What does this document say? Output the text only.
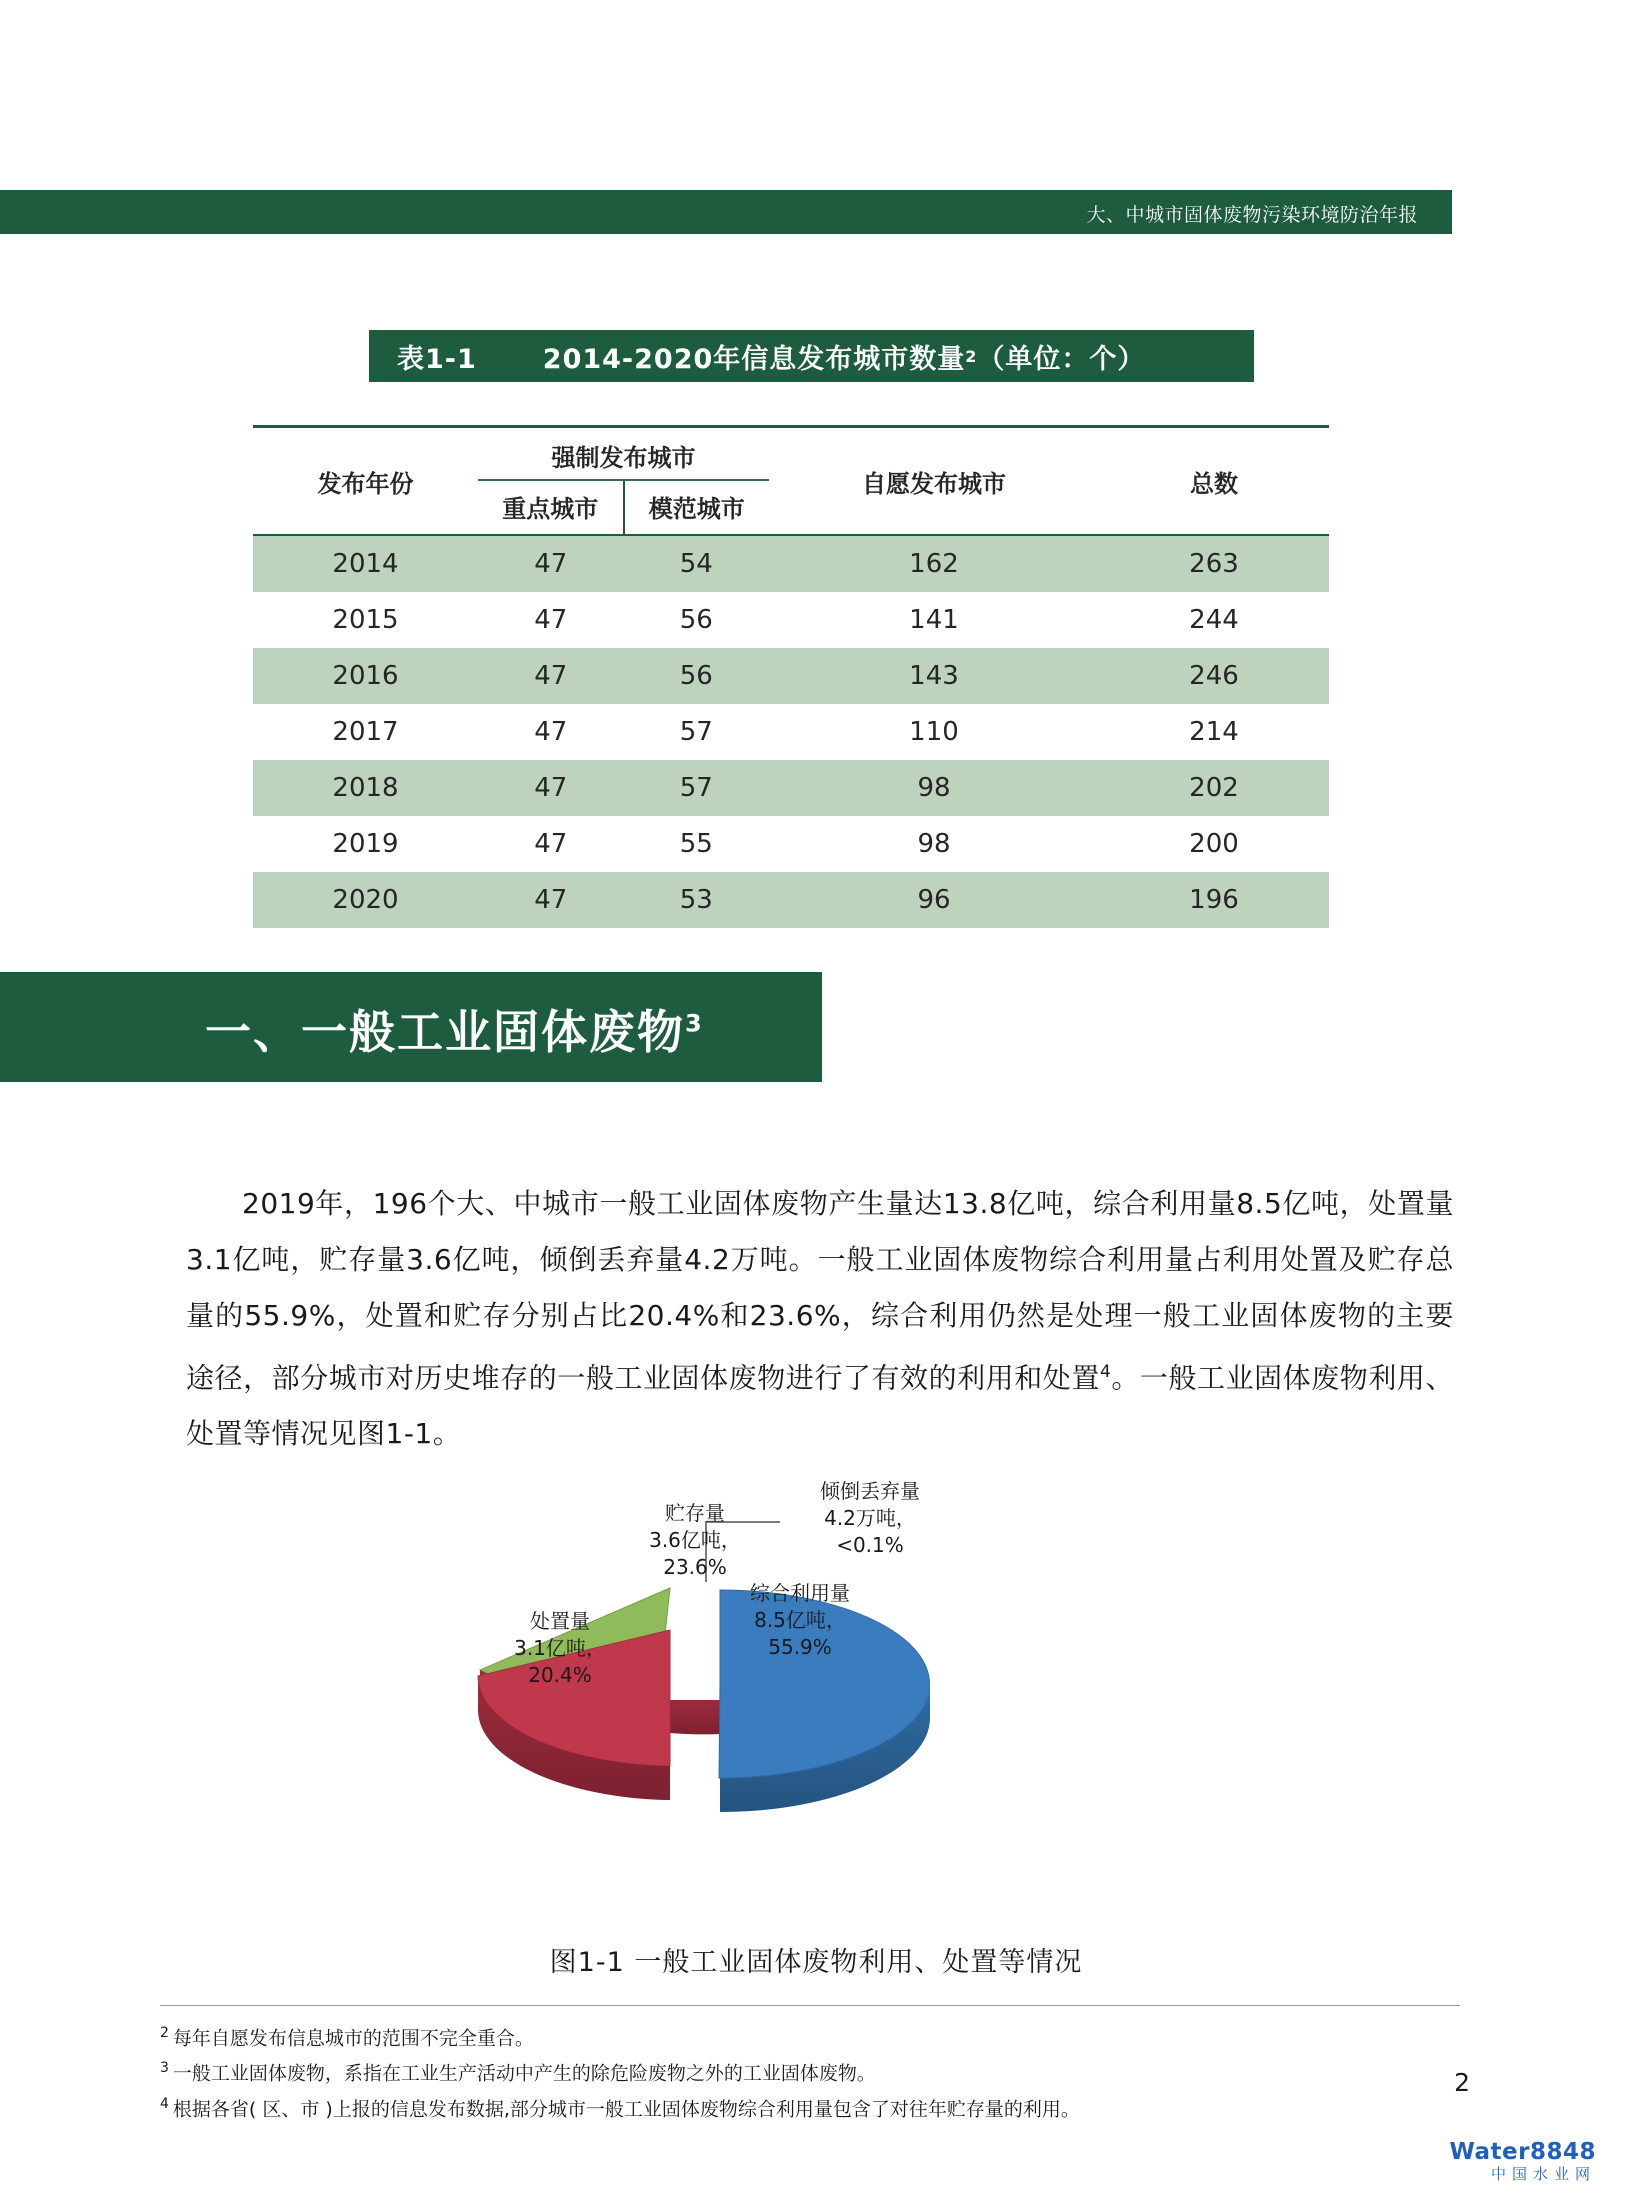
大、中城市固体废物污染环境防治年报
表1-1 2014-2020年信息发布城市数量 2 （单位：个）
发布年份	强制发布城市		自愿发布城市	总数
	重点城市	模范城市		
2014	47	54	162	263
2015	47	56	141	244
2016	47	56	143	246
2017	47	57	110	214
2018	47	57	98	202
2019	47	55	98	200
2020	47	53	96	196
一、一般工业固体废物$^3$

2019年，196个大、中城市一般工业固体废物产生量达13.8亿吨，综合利用量8.5亿吨，处置量3.1亿吨，贮存量3.6亿吨，倾倒丢弃量4.2万吨。一般工业固体废物综合利用量占利用处置及贮存总量的55.9%，处置和贮存分别占比20.4%和23.6%，综合利用仍然是处理一般工业固体废物的主要途径，部分城市对历史堆存的一般工业固体废物进行了有效的利用和处置$^4$。一般工业固体废物利用、处置等情况见图1-1。

贮存量
3.6亿吨，
23.6%
处置量
3.1亿吨，
20.4%
综合利用量
8.5亿吨，
55.9%
倾倒丢弃量
4.2万吨，
<0.1%
图1-1 一般工业固体废物利用、处置等情况
$^2$ 每年自愿发布信息城市的范围不完全重合。
$^3$ 一般工业固体废物，系指在工业生产活动中产生的除危险废物之外的工业固体废物。
$^4$ 根据各省( 区、市 )上报的信息发布数据,部分城市一般工业固体废物综合利用量包含了对往年贮存量的利用。
2
Water8848
中国水业网
